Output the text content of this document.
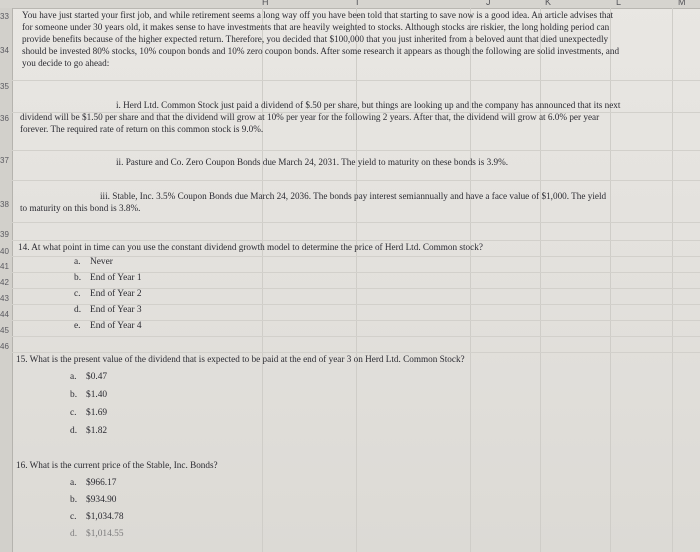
H	I	J	K	L	M
33
34
35
36
37
38
39
40
41
42
43
44
45
46
You have just started your first job, and while retirement seems a long way off you have been told that starting to save now is a good idea. An article advises that
for someone under 30 years old, it makes sense to have investments that are heavily weighted to stocks. Although stocks are riskier, the long holding period can
provide benefits because of the higher expected return. Therefore, you decided that $100,000 that you just inherited from a beloved aunt that died unexpectedly
should be invested 80% stocks, 10% coupon bonds and 10% zero coupon bonds. After some research it appears as though the following are solid investments, and
you decide to go ahead:
i. Herd Ltd. Common Stock just paid a dividend of $.50 per share, but things are looking up and the company has announced that its next
dividend will be $1.50 per share and that the dividend will grow at 10% per year for the following 2 years. After that, the dividend will grow at 6.0% per year
forever. The required rate of return on this common stock is 9.0%.
ii. Pasture and Co. Zero Coupon Bonds due March 24, 2031. The yield to maturity on these bonds is 3.9%.
iii. Stable, Inc. 3.5% Coupon Bonds due March 24, 2036. The bonds pay interest semiannually and have a face value of $1,000. The yield
to maturity on this bond is 3.8%.
14. At what point in time can you use the constant dividend growth model to determine the price of Herd Ltd. Common stock?
a. Never
b. End of Year 1
c. End of Year 2
d. End of Year 3
e. End of Year 4
15. What is the present value of the dividend that is expected to be paid at the end of year 3 on Herd Ltd. Common Stock?
a. $0.47
b. $1.40
c. $1.69
d. $1.82
16. What is the current price of the Stable, Inc. Bonds?
a. $966.17
b. $934.90
c. $1,034.78
d. $1,014.55
